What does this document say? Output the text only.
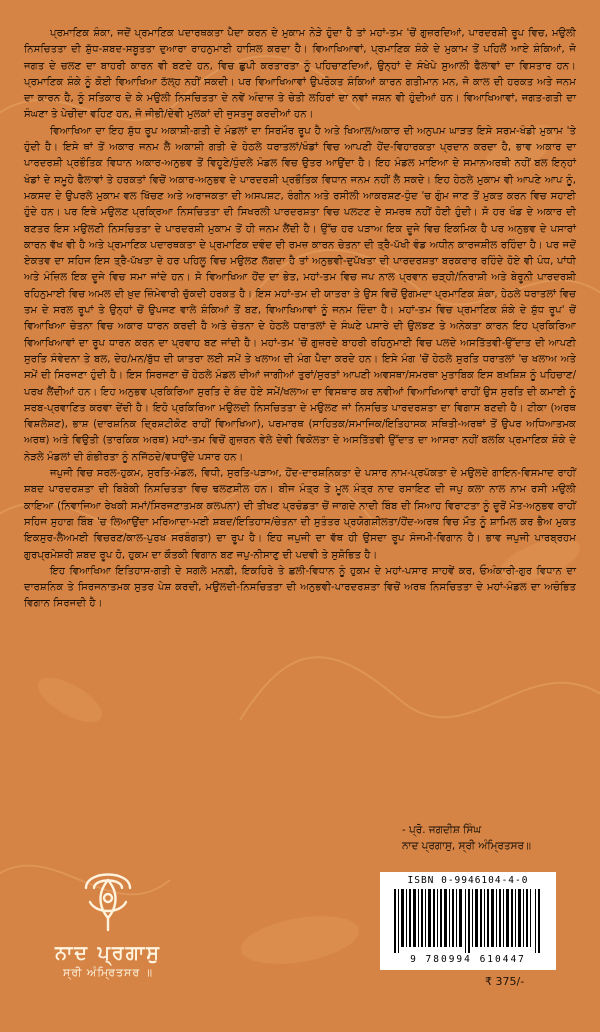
ਪ੍ਰਮਾਣਿਕ ਸ਼ੰਕਾ, ਜਦੋਂ ਪ੍ਰਮਾਣਿਕ ਪਦਾਰਥਕਤਾ ਪੈਦਾ ਕਰਨ ਦੇ ਮੁਕਾਮ ਨੇੜੇ ਹੁੰਦਾ ਹੈ ਤਾਂ ਮਹਾਂ-ਤਮ 'ਚੋਂ ਗੁਜ਼ਰਦਿਆਂ, ਪਾਰਦਰਸ਼ੀ ਰੂਪ ਵਿਚ, ਮਉਲੀ ਨਿਸਚਿਤਤਾ ਦੀ ਸ਼ੁੱਧ-ਸ਼ਬਦ-ਸਬੂਤਤਾ ਦੁਆਰਾ ਰਾਹਨੁਮਾਈ ਹਾਸਿਲ ਕਰਦਾ ਹੈ। ਵਿਆਖਿਆਵਾਂ, ਪ੍ਰਮਾਣਿਕ ਸ਼ੰਕੇ ਦੇ ਮੁਕਾਮ ਤੋਂ ਪਹਿਲੋਂ ਆਏ ਸ਼ੰਕਿਆਂ, ਜੋ ਜਗਤ ਦੇ ਚਲਣ ਦਾ ਬਾਹਰੀ ਕਾਰਨ ਵੀ ਬਣਦੇ ਹਨ, ਵਿਚ ਛੁਪੀ ਕਰਤਾਰਤਾ ਨੂੰ ਪਹਿਚਾਣਦਿਆਂ, ਉਨ੍ਹਾਂ ਦੇ ਸੰਖੇਪੇ ਸੁਆਲੀ ਫੈਲਾਵਾਂ ਦਾ ਵਿਸਤਾਰ ਹਨ। ਪ੍ਰਮਾਣਿਕ ਸ਼ੰਕੇ ਨੂੰ ਕੋਈ ਵਿਆਖਿਆ ਠੱਲ੍ਹ ਨਹੀਂ ਸਕਦੀ। ਪਰ ਵਿਆਖਿਆਵਾਂ ਉਪਰੋਕਤ ਸ਼ੰਕਿਆਂ ਕਾਰਨ ਗਤੀਮਾਨ ਮਨ, ਜੋ ਕਾਲ ਦੀ ਹਰਕਤ ਅਤੇ ਜਨਮ ਦਾ ਕਾਰਨ ਹੈ, ਨੂੰ ਸਤਿਕਾਰ ਦੇ ਕੇ ਮਉਲੀ ਨਿਸਚਿਤਤਾ ਦੇ ਨਵੇਂ ਅੰਦਾਜ਼ ਤੇ ਚੇਤੀ ਲਹਿਰਾਂ ਦਾ ਨਵਾਂ ਜਸ਼ਨ ਵੀ ਹੁੰਦੀਆਂ ਹਨ। ਵਿਆਖਿਆਵਾਂ, ਜਗਤ-ਗਤੀ ਦਾ ਸੰਘਣਾ ਤੇ ਪੇਚੀਦਾ ਵਹਿਣ ਹਨ, ਜੋ ਜੀਭੀ/ਦੇਵੀ ਮੁਲਕਾਂ ਦੀ ਜੁਸਤਜੂ ਕਰਦੀਆਂ ਹਨ।

ਵਿਆਖਿਆ ਦਾ ਇਹ ਸ਼ੁੱਧ ਰੂਪ ਅਕਾਸ਼ੀ-ਗਤੀ ਦੇ ਮੰਡਲਾਂ ਦਾ ਸਿਰਮੌਰ ਰੂਪ ਹੈ ਅਤੇ ਖਿਆਲ/ਅਕਾਰ ਦੀ ਅਨੁਪਮ ਘਾੜਤ ਇਸੇ ਸਰਮ-ਖੰਡੀ ਮੁਕਾਮ 'ਤੇ ਹੁੰਦੀ ਹੈ। ਇਸੇ ਥਾਂ ਤੋਂ ਅਕਾਰ ਜਨਮ ਲੈ ਅਕਾਸ਼ੀ ਗਤੀ ਦੇ ਹੇਠਲੇ ਧਰਾਤਲਾਂ/ਖੰਡਾਂ ਵਿਚ ਆਪਣੀ ਹੋਂਦ-ਵਿਹਾਰਕਤਾ ਪ੍ਰਦਾਨ ਕਰਦਾ ਹੈ, ਭਾਵ ਅਕਾਰ ਦਾ ਪਾਰਦਰਸ਼ੀ ਪ੍ਰਭੌਤਿਕ ਵਿਧਾਨ ਅਕਾਰ-ਅਨੁਭਵ ਤੋਂ ਵਿਹੂਣੇ/ਧੁੰਦਲੇ ਮੰਡਲ ਵਿਚ ਉਤਰ ਆਉਂਦਾ ਹੈ। ਇਹ ਮੰਡਲ ਮਾਇਆ ਦੇ ਸਮਾਨਅਰਥੀ ਨਹੀਂ ਬਲ ਇਨ੍ਹਾਂ ਖੰਡਾਂ ਦੇ ਸਮੂਹੇ ਫੈਲਾਵਾਂ ਤੇ ਹਰਕਤਾਂ ਵਿਚੋਂ ਅਕਾਰ-ਅਨੁਭਵ ਦੇ ਪਾਰਦਰਸ਼ੀ ਪ੍ਰਭੌਤਿਕ ਵਿਧਾਨ ਜਨਮ ਨਹੀਂ ਲੈ ਸਕਦੇ। ਇਹ ਹੇਠਲੇ ਮੁਕਾਮ ਵੀ ਆਪਣੇ ਆਪ ਨੂੰ, ਮਕਸਦ ਦੇ ਉਪਰਲੇ ਮੁਕਾਮ ਵਲ ਖਿੱਚਣ ਅਤੇ ਅਰਾਜਕਤਾ ਦੀ ਅਸਪਸ਼ਟ, ਰੰਗੀਨ ਅਤੇ ਰਸੀਲੀ ਆਕਰਸ਼ਣ-ਧੁੰਦ 'ਚ ਗੁੰਮ ਜਾਣ ਤੋਂ ਮੁਕਤ ਕਰਨ ਵਿਚ ਸਹਾਈ ਹੁੰਦੇ ਹਨ। ਪਰ ਇਥੇ ਮਉਲਣ ਪ੍ਰਕ੍ਰਿਆ ਨਿਸਚਿਤਤਾ ਦੀ ਸਿਖਰਲੀ ਪਾਰਦਰਸ਼ਤਾ ਵਿਚ ਪਲਟਣ ਦੇ ਸਮਰਥ ਨਹੀਂ ਹੋਈ ਹੁੰਦੀ। ਸੋ ਹਰ ਖੰਡ ਦੇ ਅਕਾਰ ਦੀ ਬਣਤਰ ਇਸ ਮਉਲਣੀ ਨਿਸਚਿਤਤਾ ਦੇ ਪਾਰਦਰਸ਼ੀ ਮੁਕਾਮ ਤੋਂ ਹੀ ਜਨਮ ਲੈਂਦੀ ਹੈ। ਉੱਚ ਹਰ ਪੜਾਅ ਇਕ ਦੂਜੇ ਵਿਚ ਇਕਮਿਕ ਹੈ ਪਰ ਅਨੁਭਵ ਦੇ ਪਸਾਰਾਂ ਕਾਰਨ ਵੱਖ ਵੀ ਹੈ ਅਤੇ ਪ੍ਰਮਾਣਿਕ ਪਦਾਰਥਕਤਾ ਦੇ ਪ੍ਰਮਾਣਿਕ ਦਵੰਦ ਦੀ ਰਮਜ਼ ਕਾਰਨ ਚੇਤਨਾ ਦੀ ਤ੍ਰੈ-ਪੱਖੀ ਵੰਡ ਅਧੀਨ ਕਾਰਜਸ਼ੀਲ ਰਹਿੰਦਾ ਹੈ। ਪਰ ਜਦੋਂ ਏਕਤਵ ਦਾ ਸਹਿਜ ਇਸ ਤ੍ਰੈ-ਪੱਖਤਾ ਦੇ ਹਰ ਪਹਿਲੂ ਵਿਚ ਮਉਲਣ ਲੱਗਦਾ ਹੈ ਤਾਂ ਅਨੁਭਵੀ-ਦੁਪੱਖਤਾ ਦੀ ਪਾਰਦਰਸ਼ਤਾ ਬਰਕਰਾਰ ਰਹਿੰਦੇ ਹੋਏ ਵੀ ਪੰਧ, ਪਾਂਧੀ ਅਤੇ ਮੰਜ਼ਿਲ ਇਕ ਦੂਜੇ ਵਿਚ ਸਮਾ ਜਾਂਦੇ ਹਨ। ਸੋ ਵਿਆਖਿਆ ਹੋਂਦ ਦਾ ਭੇਤ, ਮਹਾਂ-ਤਮ ਵਿਚ ਜਪ ਨਾਲ ਪ੍ਰਵਾਨ ਚੜ੍ਹੀ/ਨਿਰਾਸ਼ੀ ਅਤੇ ਬੇਰੂਨੀ ਪਾਰਦਰਸ਼ੀ ਰਹਿਨੁਮਾਈ ਵਿਚ ਅਮਲ ਦੀ ਖ਼ੁਦ ਜ਼ਿੰਮੇਵਾਰੀ ਚੁੱਕਦੀ ਹਰਕਤ ਹੈ। ਇਸ ਮਹਾਂ-ਤਮ ਦੀ ਯਾਤਰਾ ਤੇ ਉਸ ਵਿਚੋਂ ਉਗਮਦਾ ਪ੍ਰਮਾਣਿਕ ਸ਼ੰਕਾ, ਹੇਠਲੇ ਧਰਾਤਲਾਂ ਵਿਚ ਤਮ ਦੇ ਸਰਲ ਰੂਪਾਂ ਤੇ ਉਨ੍ਹਾਂ ਚੋਂ ਉਪਜਣ ਵਾਲੇ ਸ਼ੰਕਿਆਂ ਤੋਂ ਬਣ, ਵਿਆਖਿਆਵਾਂ ਨੂੰ ਜਨਮ ਦਿੰਦਾ ਹੈ। ਮਹਾਂ-ਤਮ ਵਿਚ ਪ੍ਰਮਾਣਿਕ ਸ਼ੰਕੇ ਦੇ ਸ਼ੁੱਧ ਰੂਪ' ਚੋਂ ਵਿਆਖਿਆ ਚੇਤਨਾ ਵਿਚ ਅਕਾਰ ਧਾਰਨ ਕਰਦੀ ਹੈ ਅਤੇ ਚੇਤਨਾ ਦੇ ਹੇਠਲੇ ਧਰਾਤਲਾਂ ਦੇ ਸੰਘਣੇ ਪਸਾਰੇ ਦੀ ਉਲਝਣ ਤੇ ਅਨੇਕਤਾ ਕਾਰਨ ਇਹ ਪ੍ਰਕਿਰਿਆ ਵਿਆਖਿਆਵਾਂ ਦਾ ਰੂਪ ਧਾਰਨ ਕਰਨ ਦਾ ਪ੍ਰਵਾਹ ਬਣ ਜਾਂਦੀ ਹੈ। ਮਹਾਂ-ਤਮ 'ਚੋਂ ਗੁਜ਼ਰਦੇ ਬਾਹਰੀ ਰਹਿਨੁਮਾਈ ਵਿਚ ਪਲਦੇ ਅਸਤਿੱਤਵੀ-ਉੱਦਾਤ ਦੀ ਆਪਣੀ ਸੁਰਤਿ ਸੰਵੇਦਨਾ ਤੇ ਬਲ, ਦੇਹ/ਮਨ/ਬੁੱਧ ਦੀ ਯਾਤਰਾ ਲਈ ਸਮੇਂ ਤੇ ਖਲਾਅ ਦੀ ਮੰਗ ਪੈਦਾ ਕਰਦੇ ਹਨ। ਇਸੇ ਮੰਗ 'ਚੋਂ ਹੇਠਲੇ ਸੁਰਤਿ ਧਰਾਤਲਾਂ 'ਚ ਖਲਾਅ ਅਤੇ ਸਮੇਂ ਦੀ ਸਿਰਜਣਾ ਹੁੰਦੀ ਹੈ। ਇਸ ਸਿਰਜਣਾ ਚੋਂ ਹੇਠਲੇ ਮੰਡਲ ਦੀਆਂ ਜਾਗੀਆਂ ਤੁਰਾਂ/ਸੁਰਤਾਂ ਆਪਣੀ ਅਵਸਥਾ/ਸਮਰਥਾ ਮੁਤਾਬਿਕ ਇਸ ਬਖ਼ਸ਼ਿਸ਼ ਨੂੰ ਪਹਿਚਾਣ/ਪਰਖ ਲੈਂਦੀਆਂ ਹਨ। ਇਹ ਅਨੁਭਵ ਪ੍ਰਕਿਰਿਆ ਸੁਰਤਿ ਦੇ ਬੰਦ ਹੋਏ ਸਮੇਂ/ਖਲਾਅ ਦਾ ਵਿਸਥਾਰ ਕਰ ਨਵੀਆਂ ਵਿਆਖਿਆਵਾਂ ਰਾਹੀਂ ਉਸ ਸੁਰਤਿ ਦੀ ਕਮਾਈ ਨੂੰ ਸਰਬ-ਪ੍ਰਵਾਣਿਤ ਕਰਵਾ ਦੇਂਦੀ ਹੈ। ਇਹੋ ਪ੍ਰਕਿਰਿਆ ਮਉਲਦੀ ਨਿਸਚਿਤਤਾ ਦੇ ਮਉਲਣ ਜਾਂ ਨਿਸਚਿਤ ਪਾਰਦਰਸ਼ਤਾ ਦਾ ਵਿਗਾਸ ਬਣਦੀ ਹੈ। ਟੀਕਾ (ਅਰਥ ਵਿਸ਼ਲੇਸ਼ਣ), ਭਾਸ਼ (ਦਾਰਸ਼ਨਿਕ ਦ੍ਰਿਸ਼ਟੀਕੋਣ ਰਾਹੀਂ ਵਿਆਖਿਆ), ਪਰਮਾਰਥ (ਸਾਹਿਤਕ/ਸਮਾਜਿਕ/ਇਤਿਹਾਸਕ ਸਥਿਤੀ-ਅਰਥਾਂ ਤੋਂ ਉਪਰ ਅਧਿਆਤਮਕ ਅਰਥ) ਅਤੇ ਵਿਉਤੀ (ਤਾਰਕਿਕ ਅਰਥ) ਮਹਾਂ-ਤਮ ਵਿਚੋਂ ਗੁਜ਼ਰਨ ਵੇਲੇ ਦੇਵੀ ਵਿਕੋਲਤਾ ਦੇ ਅਸਤਿੱਤਵੀ ਉੱਦਾਤ ਦਾ ਆਸਰਾ ਨਹੀਂ ਬਲਕਿ ਪ੍ਰਮਾਣਿਕ ਸ਼ੰਕੇ ਦੇ ਨੇੜਲੇ ਮੰਡਲਾਂ ਦੀ ਗੰਭੀਰਤਾ ਨੂੰ ਨਜਿੱਠਦੇ/ਵਧਾਉਂਦੇ ਪਸਾਰ ਹਨ।

ਜਪੁਜੀ ਵਿਚ ਸਰਲ-ਹੁਕਮ, ਸੁਰਤਿ-ਮੰਡਲ, ਵਿਧੀ, ਸੁਰਤਿ-ਪੜਾਅ, ਹੋਂਦ-ਦਾਰਸ਼ਨਿਕਤਾ ਦੇ ਪਸਾਰ ਨਾਮ-ਪ੍ਰਪੱਕਤਾ ਦੇ ਮਉਲਦੇ ਗਾਇਨ-ਵਿਸਮਾਦ ਰਾਹੀਂ ਸ਼ਬਦ ਪਾਰਦਰਸ਼ਤਾ ਦੀ ਬਿਬੇਕੀ ਨਿਸਚਿਤਤਾ ਵਿਚ ਢਲਣਸ਼ੀਲ ਹਨ। ਬੀਜ ਮੰਤ੍ਰ ਤੇ ਮੂਲ ਮੰਤ੍ਰ ਨਾਦ ਰਸਾਇਣ ਦੀ ਜਪੁ ਕਲਾ ਨਾਲ ਨਾਮ ਰਸੀ ਮਉਲੀ ਕਾਇਆ (ਨਿਵਾਜਿਆ ਰੇਖਕੀ ਸਮਾਂ/ਸਿਰਜਣਾਤਮਕ ਕਲਪਨਾ) ਦੀ ਤੀਖਣ ਪ੍ਰਚੰਡਤਾ ਚੋਂ ਜਾਗਦੇ ਨਾਦੀ ਬਿੰਬ ਦੀ ਸਿਆਹ ਵਿਰਾਟਤਾ ਨੂੰ ਦੂਰੋਂ ਮੋਤ-ਅਨੁਭਵ ਰਾਹੀਂ ਸਹਿਜ ਸੁਹਾਗ ਬਿੰਬ 'ਚ ਲਿਆਉਂਦਾ ਮਰਿਆਦਾ-ਮਈ ਸ਼ਬਦ/ਇਤਿਹਾਸ/ਚੇਤਨਾ ਦੀ ਸੁਤੰਤਰ ਪ੍ਰਯੋਗਸ਼ੀਲਤਾ/ਹੋਂਦ-ਅਰਥ ਵਿਚ ਮੌਤ ਨੂੰ ਸ਼ਾਮਿਲ ਕਰ ਭੈਅ ਮੁਕਤ ਇਕਸੁਰ-ਲੈਅਮਈ ਵਿਚਰਣ/ਕਾਲ-ਪੁਰਖ ਸਰਬੰਗਤਾ) ਦਾ ਰੂਪ ਹੈ। ਇਹ ਜਪੁਜੀ ਦਾ ਵੱਥ ਹੀ ਉਸਦਾ ਰੂਪ ਸੰਜਮੀ-ਵਿਗਾਨ ਹੈ। ਭਾਵ ਜਪੁਜੀ ਪਾਰਬ੍ਰਹਮ ਗੁਰਪ੍ਰਮੇਸ਼ਰੀ ਸ਼ਬਦ ਰੂਪ ਹੋ, ਹੁਕਮ ਦਾ ਕੌਤਕੀ ਵਿਗਾਨ ਬਣ ਜਪੁ-ਨੀਸਾਣੁ ਦੀ ਪਦਵੀ ਤੇ ਸੁਸ਼ੋਭਿਤ ਹੈ।

ਇਹ ਵਿਆਖਿਆ ਇਤਿਹਾਸ-ਗਤੀ ਦੇ ਸਗਲੇ ਮਨਫ਼ੀ, ਇਕਹਿਰੇ ਤੇ ਛਲੀ-ਵਿਧਾਨ ਨੂੰ ਹੁਕਮ ਦੇ ਮਹਾਂ-ਪਸਾਰ ਸਾਹਵੇਂ ਕਰ, ਓਅੰਕਾਰੀ-ਗੁਰ ਵਿਧਾਨ ਦਾ ਦਾਰਸ਼ਨਿਕ ਤੇ ਸਿਰਜਨਾਤਮਕ ਸੁਤਰ ਪੇਸ਼ ਕਰਦੀ, ਮਉਲਦੀ-ਨਿਸਚਿਤਤਾ ਦੀ ਅਨੁਭਵੀ-ਪਾਰਦਰਸ਼ਤਾ ਵਿਚੋਂ ਅਰਥ ਨਿਸਚਿਤਤਾ ਦੇ ਮਹਾਂ-ਮੰਡਲ ਦਾ ਅਚੰਭਿਤ ਵਿਗਾਨ ਸਿਰਜਦੀ ਹੈ।

- ਪ੍ਰੋ. ਜਗਦੀਸ਼ ਸਿੰਘ
ਨਾਦ ਪ੍ਰਗਾਸੁ, ਸ੍ਰੀ ਅੰਮ੍ਰਿਤਸਰ॥
ਨਾਦ ਪ੍ਰਗਾਸੁ
ਸ੍ਰੀ ਅੰਮ੍ਰਿਤਸਰ ॥
ISBN 0-9946104-4-0
9 780994 610447
₹ 375/-
